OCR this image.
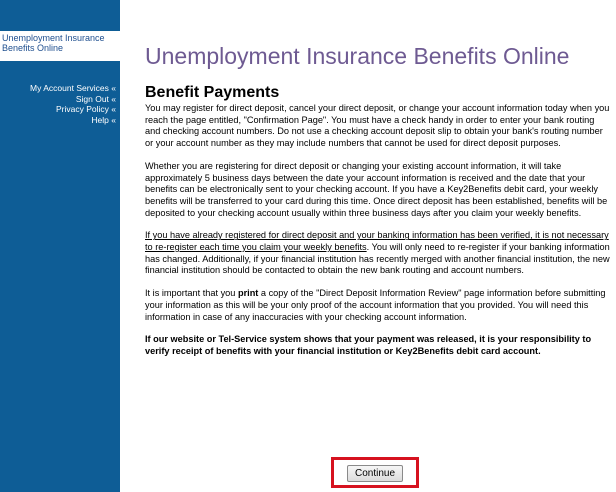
Unemployment Insurance Benefits Online
My Account Services «
Sign Out «
Privacy Policy «
Help «
Unemployment Insurance Benefits Online
Benefit Payments

You may register for direct deposit, cancel your direct deposit, or change your account information today when you reach the page entitled, "Confirmation Page". You must have a check handy in order to enter your bank routing and checking account numbers. Do not use a checking account deposit slip to obtain your bank's routing number or your account number as they may include numbers that cannot be used for direct deposit purposes.

Whether you are registering for direct deposit or changing your existing account information, it will take approximately 5 business days between the date your account information is received and the date that your benefits can be electronically sent to your checking account. If you have a Key2Benefits debit card, your weekly benefits will be transferred to your card during this time. Once direct deposit has been established, benefits will be deposited to your checking account usually within three business days after you claim your weekly benefits.

If you have already registered for direct deposit and your banking information has been verified, it is not necessary to re-register each time you claim your weekly benefits. You will only need to re-register if your banking information has changed. Additionally, if your financial institution has recently merged with another financial institution, the new financial institution should be contacted to obtain the new bank routing and account numbers.

It is important that you print a copy of the "Direct Deposit Information Review" page information before submitting your information as this will be your only proof of the account information that you provided. You will need this information in case of any inaccuracies with your checking account information.

If our website or Tel-Service system shows that your payment was released, it is your responsibility to verify receipt of benefits with your financial institution or Key2Benefits debit card account.

Continue
